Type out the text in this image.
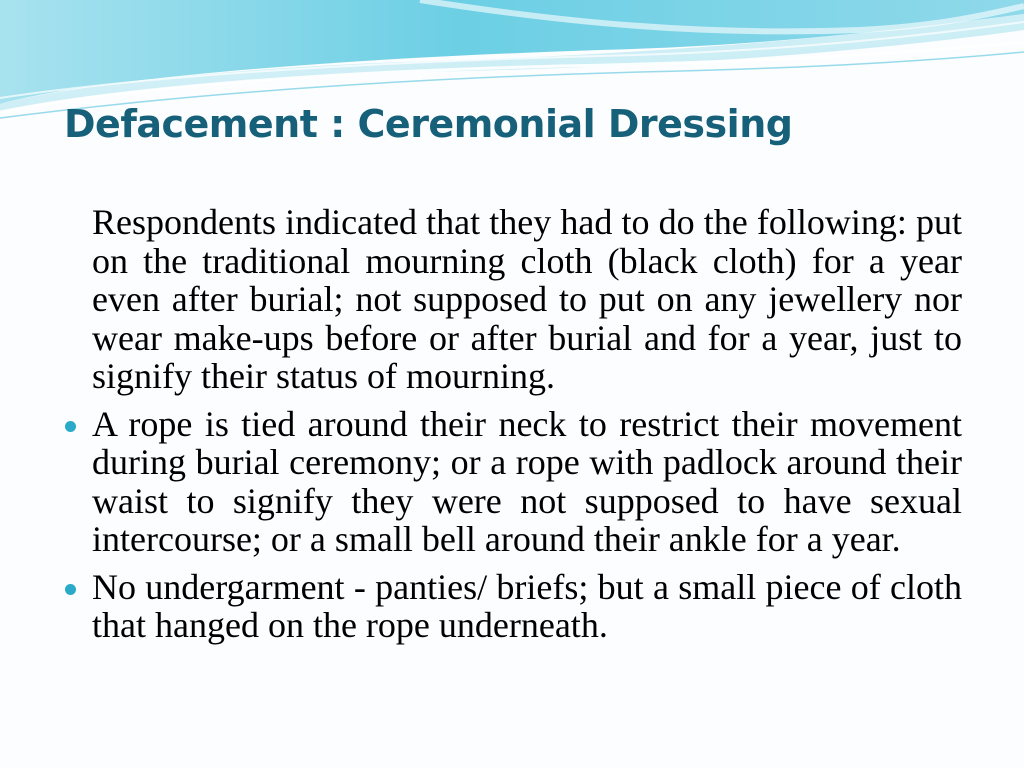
Defacement : Ceremonial Dressing
Respondents indicated that they had to do the following: put on the traditional mourning cloth (black cloth) for a year even after burial; not supposed to put on any jewellery nor wear make-ups before or after burial and for a year, just to signify their status of mourning.
A rope is tied around their neck to restrict their movement during burial ceremony; or a rope with padlock around their waist to signify they were not supposed to have sexual intercourse; or a small bell around their ankle for a year.
No undergarment - panties/ briefs; but a small piece of cloth that hanged on the rope underneath.
